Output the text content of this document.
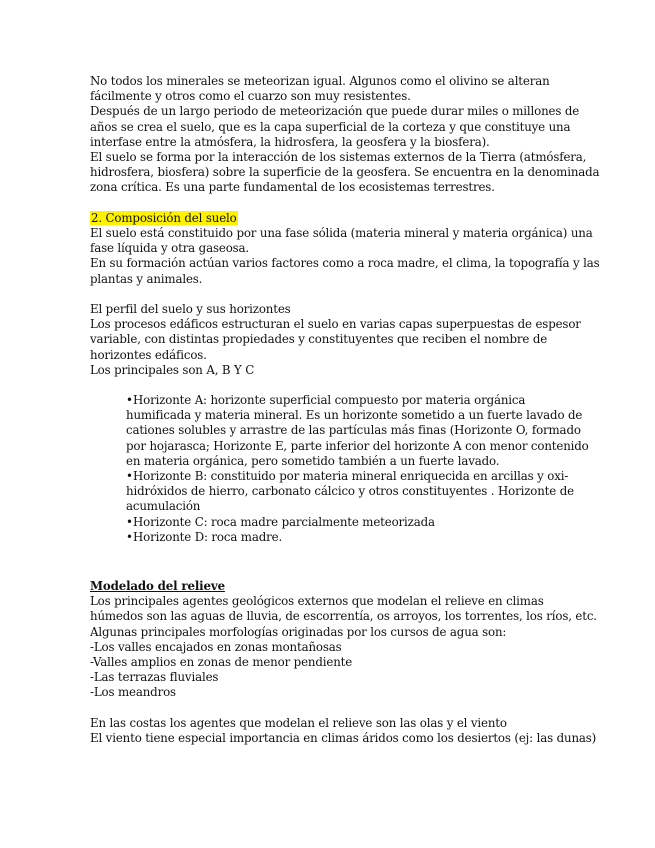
No todos los minerales se meteorizan igual. Algunos como el olivino se alteran
fácilmente y otros como el cuarzo son muy resistentes.
Después de un largo periodo de meteorización que puede durar miles o millones de
años se crea el suelo, que es la capa superficial de la corteza y que constituye una
interfase entre la atmósfera, la hidrosfera, la geosfera y la biosfera).
El suelo se forma por la interacción de los sistemas externos de la Tierra (atmósfera,
hidrosfera, biosfera) sobre la superficie de la geosfera. Se encuentra en la denominada
zona crítica. Es una parte fundamental de los ecosistemas terrestres.
2. Composición del suelo
El suelo está constituido por una fase sólida (materia mineral y materia orgánica) una
fase líquida y otra gaseosa.
En su formación actúan varios factores como a roca madre, el clima, la topografía y las
plantas y animales.
El perfil del suelo y sus horizontes
Los procesos edáficos estructuran el suelo en varias capas superpuestas de espesor
variable, con distintas propiedades y constituyentes que reciben el nombre de
horizontes edáficos.
Los principales son A, B Y C
•Horizonte A: horizonte superficial compuesto por materia orgánica
humificada y materia mineral. Es un horizonte sometido a un fuerte lavado de
cationes solubles y arrastre de las partículas más finas (Horizonte O, formado
por hojarasca; Horizonte E, parte inferior del horizonte A con menor contenido
en materia orgánica, pero sometido también a un fuerte lavado.
•Horizonte B: constituido por materia mineral enriquecida en arcillas y oxi-
hidróxidos de hierro, carbonato cálcico y otros constituyentes . Horizonte de
acumulación
•Horizonte C: roca madre parcialmente meteorizada
•Horizonte D: roca madre.
Modelado del relieve
Los principales agentes geológicos externos que modelan el relieve en climas
húmedos son las aguas de lluvia, de escorrentía, os arroyos, los torrentes, los ríos, etc.
Algunas principales morfologías originadas por los cursos de agua son:
-Los valles encajados en zonas montañosas
-Valles amplios en zonas de menor pendiente
-Las terrazas fluviales
-Los meandros
En las costas los agentes que modelan el relieve son las olas y el viento
El viento tiene especial importancia en climas áridos como los desiertos (ej: las dunas)
